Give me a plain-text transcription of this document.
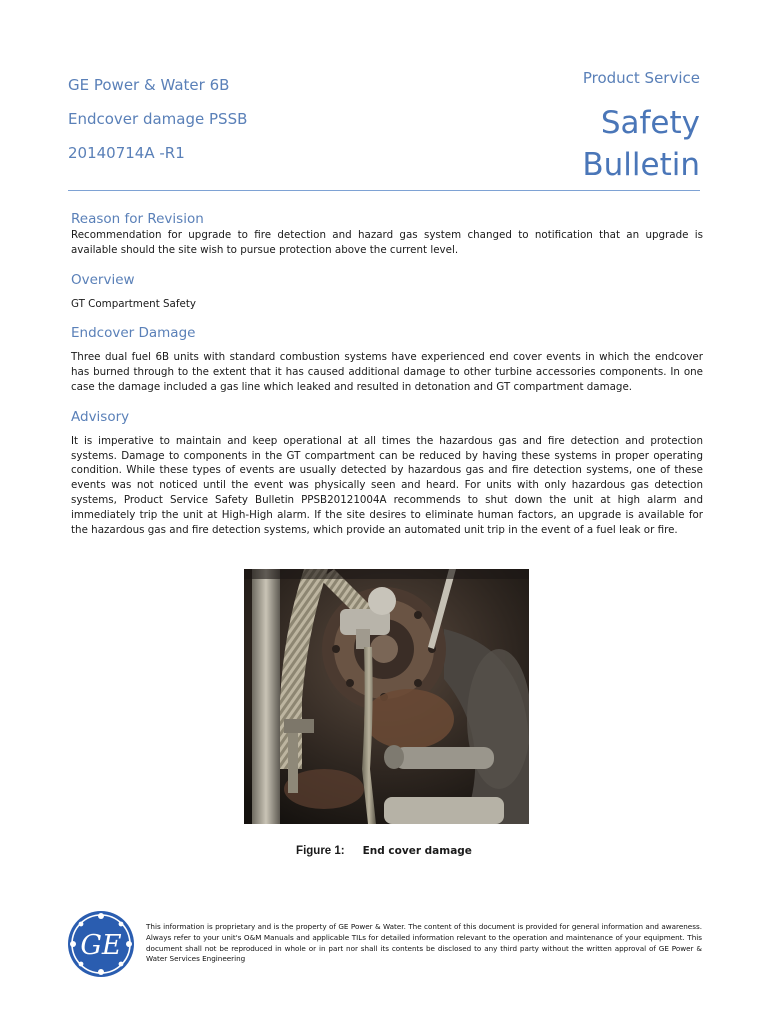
GE Power & Water 6B
Endcover damage PSSB
20140714A -R1
Product Service
Safety
Bulletin
Reason for Revision

Recommendation for upgrade to fire detection and hazard gas system changed to notification that an upgrade is available should the site wish to pursue protection above the current level.

Overview

GT Compartment Safety

Endcover Damage

Three dual fuel 6B units with standard combustion systems have experienced end cover events in which the endcover has burned through to the extent that it has caused additional damage to other turbine accessories components. In one case the damage included a gas line which leaked and resulted in detonation and GT compartment damage.

Advisory

It is imperative to maintain and keep operational at all times the hazardous gas and fire detection and protection systems. Damage to components in the GT compartment can be reduced by having these systems in proper operating condition. While these types of events are usually detected by hazardous gas and fire detection systems, one of these events was not noticed until the event was physically seen and heard. For units with only hazardous gas detection systems, Product Service Safety Bulletin PPSB20121004A recommends to shut down the unit at high alarm and immediately trip the unit at High-High alarm. If the site desires to eliminate human factors, an upgrade is available for the hazardous gas and fire detection systems, which provide an automated unit trip in the event of a fuel leak or fire.

Figure 1: End cover damage
GE
This information is proprietary and is the property of GE Power & Water. The content of this document is provided for general information and awareness. Always refer to your unit's O&M Manuals and applicable TILs for detailed information relevant to the operation and maintenance of your equipment. This document shall not be reproduced in whole or in part nor shall its contents be disclosed to any third party without the written approval of GE Power & Water Services Engineering
